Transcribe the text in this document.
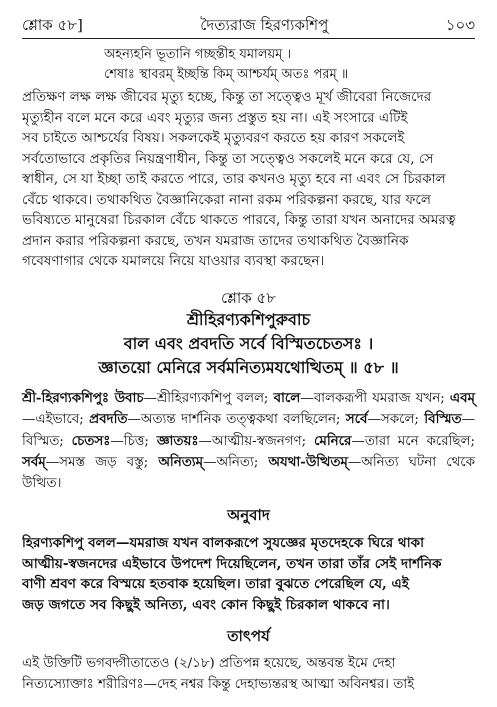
শ্লোক ৫৮]	দৈত্যরাজ হিরণ্যকশিপু	১০৩
অহন্যহনি ভূতানি গচ্ছন্তীহ যমালয়ম্ ।
শেষাঃ স্থাবরম্ ইচ্ছন্তি কিম্ আশ্চর্যম্ অতঃ পরম্ ॥
প্রতিক্ষণ লক্ষ লক্ষ জীবের মৃত্যু হচ্ছে, কিন্তু তা সত্ত্বেও মূর্খ জীবেরা নিজেদের
মৃত্যুহীন বলে মনে করে এবং মৃত্যুর জন্য প্রস্তুত হয় না। এই সংসারে এটিই
সব চাইতে আশ্চর্যের বিষয়। সকলকেই মৃত্যুবরণ করতে হয় কারণ সকলেই
সর্বতোভাবে প্রকৃতির নিয়ন্ত্রণাধীন, কিন্তু তা সত্ত্বেও সকলেই মনে করে যে, সে
স্বাধীন, সে যা ইচ্ছা তাই করতে পারে, তার কখনও মৃত্যু হবে না এবং সে চিরকাল
বেঁচে থাকবে। তথাকথিত বৈজ্ঞানিকেরা নানা রকম পরিকল্পনা করছে, যার ফলে
ভবিষ্যতে মানুষেরা চিরকাল বেঁচে থাকতে পারবে, কিন্তু তারা যখন অনাদের অমরত্ব
প্রদান করার পরিকল্পনা করছে, তখন যমরাজ তাদের তথাকথিত বৈজ্ঞানিক
গবেষণাগার থেকে যমালয়ে নিয়ে যাওয়ার ব্যবস্থা করছেন।
শ্লোক ৫৮
শ্রীহিরণ্যকশিপুরুবাচ
বাল এবং প্রবদতি সর্বে বিস্মিতচেতসঃ ।
জ্ঞাতয়ো মেনিরে সর্বমনিত্যমযথোত্থিতম্ ॥ ৫৮ ॥
শ্রী-হিরণ্যকশিপুঃ উবাচ—শ্রীহিরণ্যকশিপু বলল; বালে—বালকরূপী যমরাজ যখন; এবম্—এইভাবে; প্রবদতি—অত্যন্ত দার্শনিক তত্ত্বকথা বলছিলেন; সর্বে—সকলে; বিস্মিত—বিস্মিত; চেতসঃ—চিত্ত; জ্ঞাতয়ঃ—আত্মীয়-স্বজনগণ; মেনিরে—তারা মনে করেছিল; সর্বম্—সমস্ত জড় বস্তু; অনিত্যম্—অনিত্য; অযথা-উত্থিতম্—অনিত্য ঘটনা থেকে উত্থিত।
অনুবাদ
হিরণ্যকশিপু বলল—যমরাজ যখন বালকরূপে সুযজ্ঞের মৃতদেহকে ঘিরে থাকা
আত্মীয়-স্বজনদের এইভাবে উপদেশ দিয়েছিলেন, তখন তারা তাঁর সেই দার্শনিক
বাণী শ্রবণ করে বিস্ময়ে হতবাক হয়েছিল। তারা বুঝতে পেরেছিল যে, এই
জড় জগতে সব কিছুই অনিত্য, এবং কোন কিছুই চিরকাল থাকবে না।
তাৎপর্য
এই উক্তিটি ভগবদ্গীতাতেও (২/১৮) প্রতিপন্ন হয়েছে, অন্তবন্ত ইমে দেহা
নিত্যস্যোক্তাঃ শরীরিণঃ—দেহ নশ্বর কিন্তু দেহাভ্যন্তরস্থ আত্মা অবিনশ্বর। তাই
